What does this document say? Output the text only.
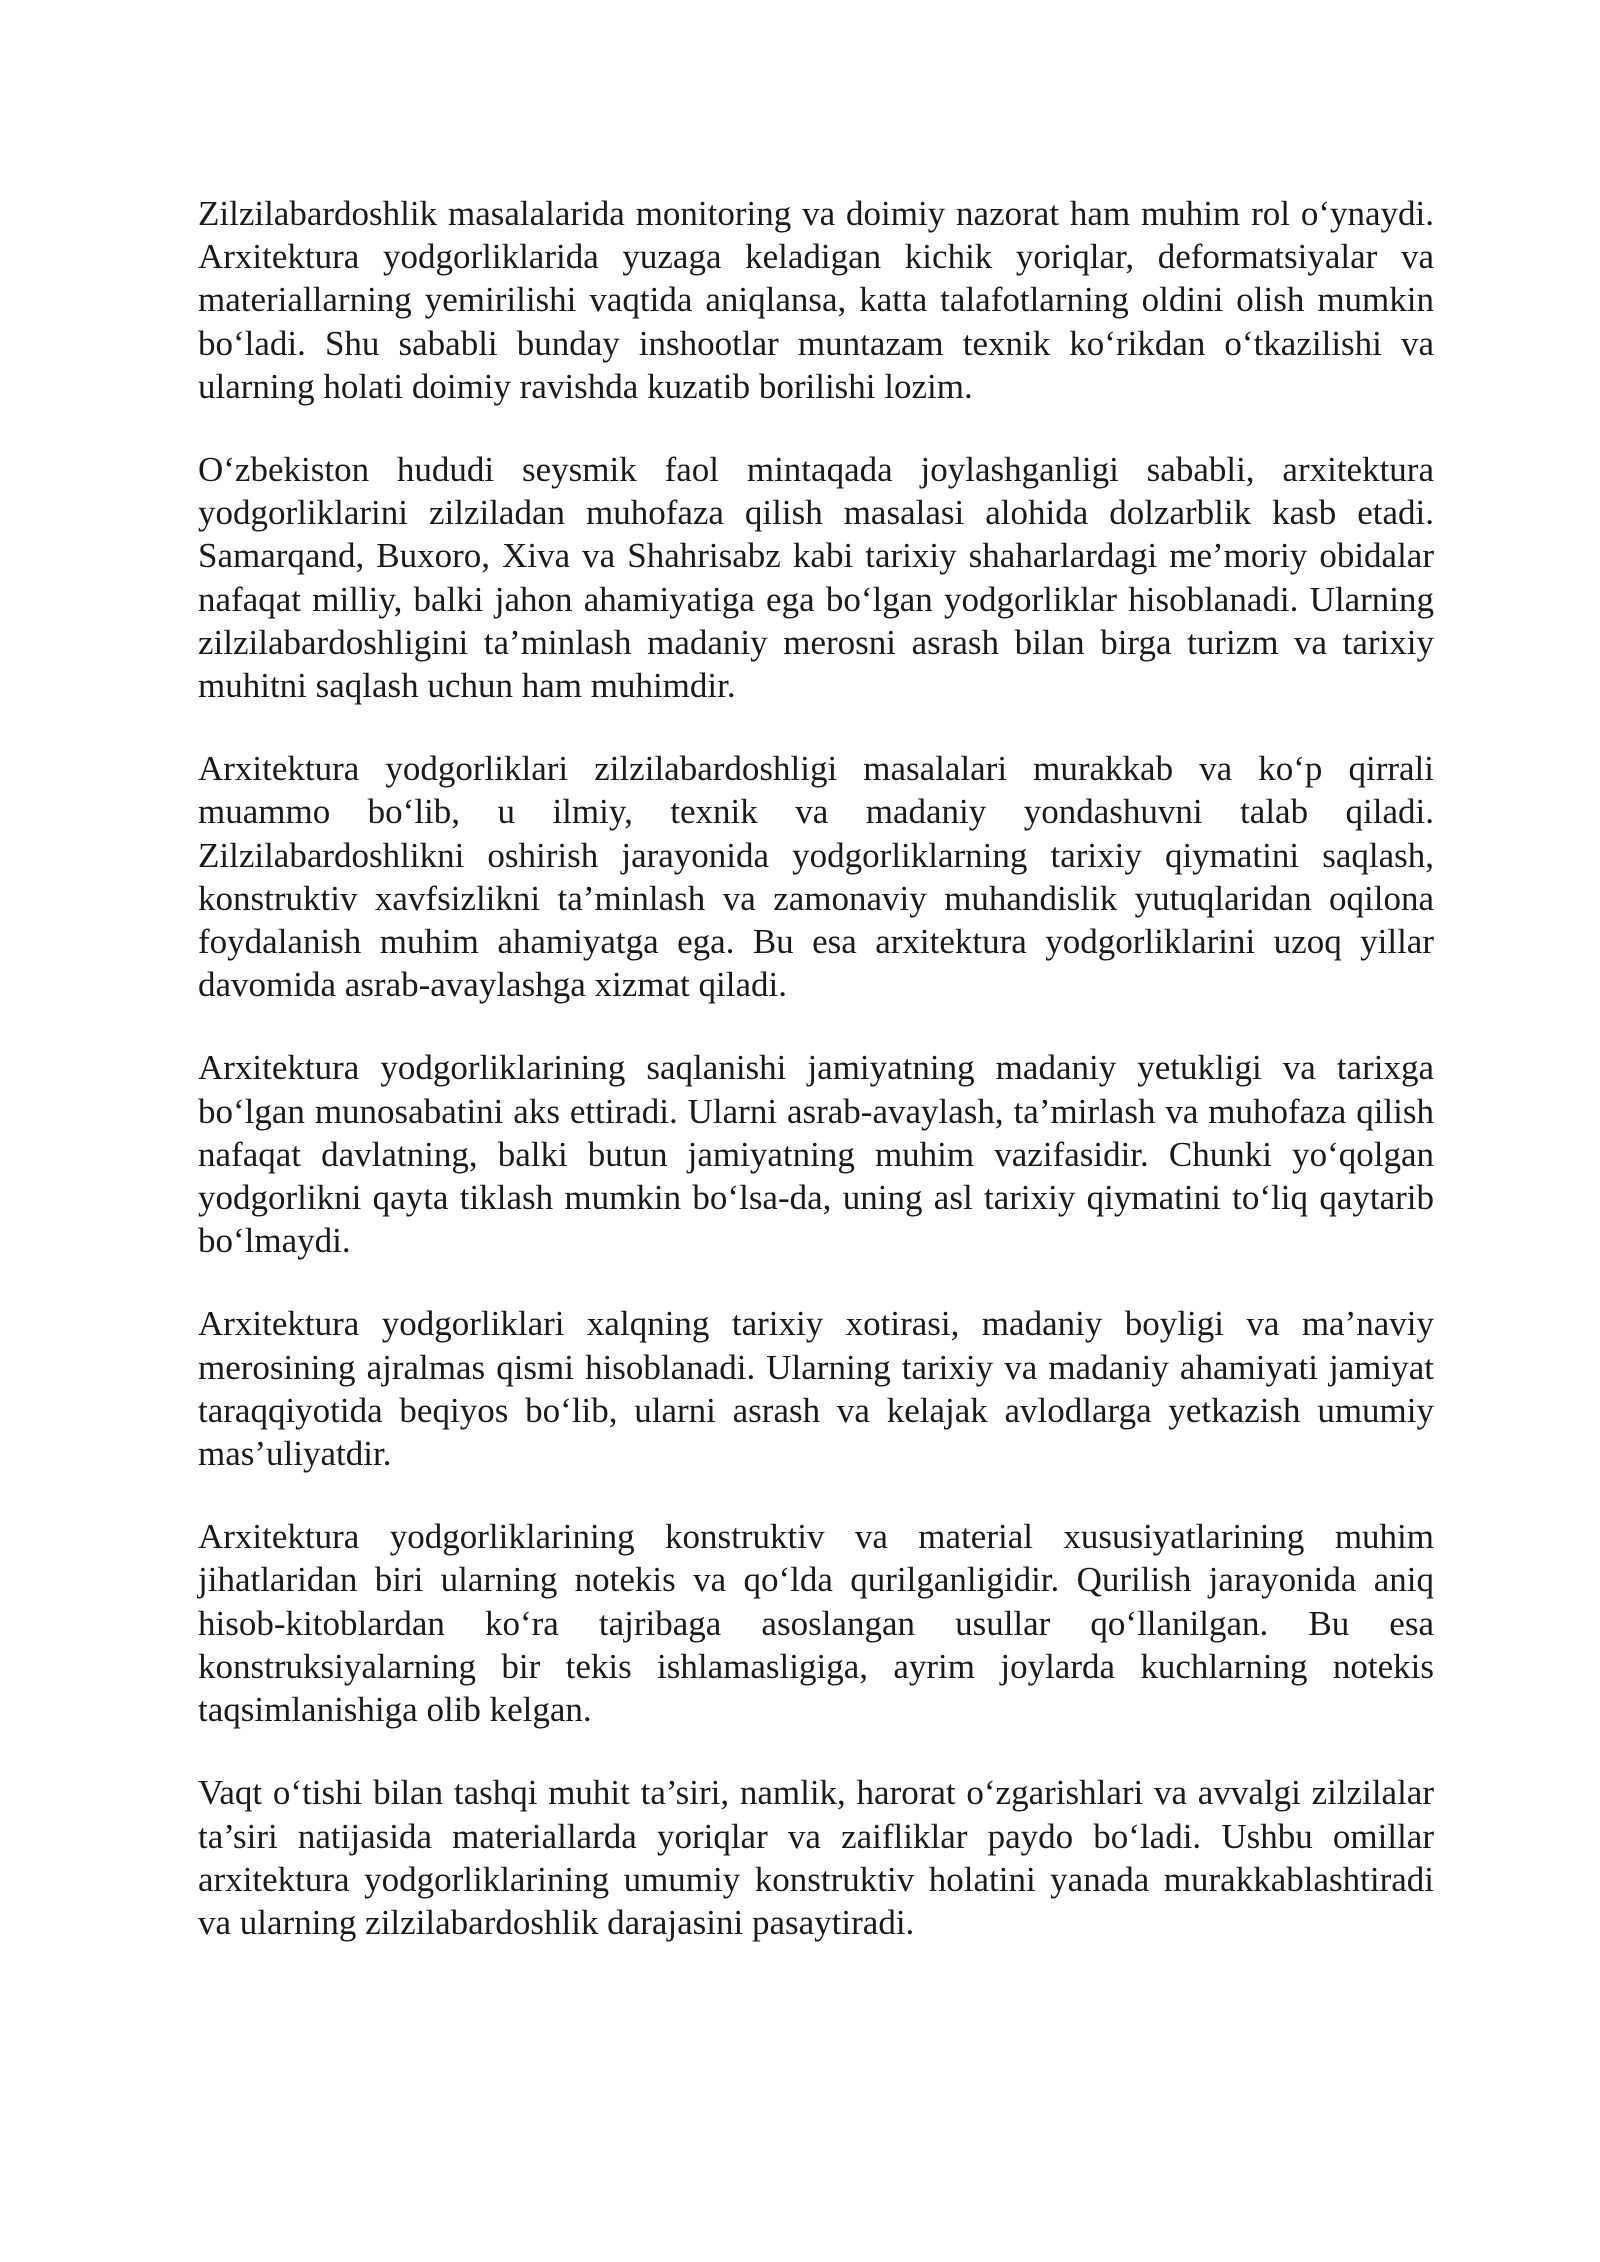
Zilzilabardoshlik masalalarida monitoring va doimiy nazorat ham muhim rol o‘ynaydi. Arxitektura yodgorliklarida yuzaga keladigan kichik yoriqlar, deformatsiyalar va materiallarning yemirilishi vaqtida aniqlansa, katta talafotlarning oldini olish mumkin bo‘ladi. Shu sababli bunday inshootlar muntazam texnik ko‘rikdan o‘tkazilishi va ularning holati doimiy ravishda kuzatib borilishi lozim.

O‘zbekiston hududi seysmik faol mintaqada joylashganligi sababli, arxitektura yodgorliklarini zilziladan muhofaza qilish masalasi alohida dolzarblik kasb etadi. Samarqand, Buxoro, Xiva va Shahrisabz kabi tarixiy shaharlardagi me’moriy obidalar nafaqat milliy, balki jahon ahamiyatiga ega bo‘lgan yodgorliklar hisoblanadi. Ularning zilzilabardoshligini ta’minlash madaniy merosni asrash bilan birga turizm va tarixiy muhitni saqlash uchun ham muhimdir.

Arxitektura yodgorliklari zilzilabardoshligi masalalari murakkab va ko‘p qirrali muammo bo‘lib, u ilmiy, texnik va madaniy yondashuvni talab qiladi. Zilzilabardoshlikni oshirish jarayonida yodgorliklarning tarixiy qiymatini saqlash, konstruktiv xavfsizlikni ta’minlash va zamonaviy muhandislik yutuqlaridan oqilona foydalanish muhim ahamiyatga ega. Bu esa arxitektura yodgorliklarini uzoq yillar davomida asrab-avaylashga xizmat qiladi.

Arxitektura yodgorliklarining saqlanishi jamiyatning madaniy yetukligi va tarixga bo‘lgan munosabatini aks ettiradi. Ularni asrab-avaylash, ta’mirlash va muhofaza qilish nafaqat davlatning, balki butun jamiyatning muhim vazifasidir. Chunki yo‘qolgan yodgorlikni qayta tiklash mumkin bo‘lsa-da, uning asl tarixiy qiymatini to‘liq qaytarib bo‘lmaydi.

Arxitektura yodgorliklari xalqning tarixiy xotirasi, madaniy boyligi va ma’naviy merosining ajralmas qismi hisoblanadi. Ularning tarixiy va madaniy ahamiyati jamiyat taraqqiyotida beqiyos bo‘lib, ularni asrash va kelajak avlodlarga yetkazish umumiy mas’uliyatdir.

Arxitektura yodgorliklarining konstruktiv va material xususiyatlarining muhim jihatlaridan biri ularning notekis va qo‘lda qurilganligidir. Qurilish jarayonida aniq hisob-kitoblardan ko‘ra tajribaga asoslangan usullar qo‘llanilgan. Bu esa konstruksiyalarning bir tekis ishlamasligiga, ayrim joylarda kuchlarning notekis taqsimlanishiga olib kelgan.

Vaqt o‘tishi bilan tashqi muhit ta’siri, namlik, harorat o‘zgarishlari va avvalgi zilzilalar ta’siri natijasida materiallarda yoriqlar va zaifliklar paydo bo‘ladi. Ushbu omillar arxitektura yodgorliklarining umumiy konstruktiv holatini yanada murakkablashtiradi va ularning zilzilabardoshlik darajasini pasaytiradi.
